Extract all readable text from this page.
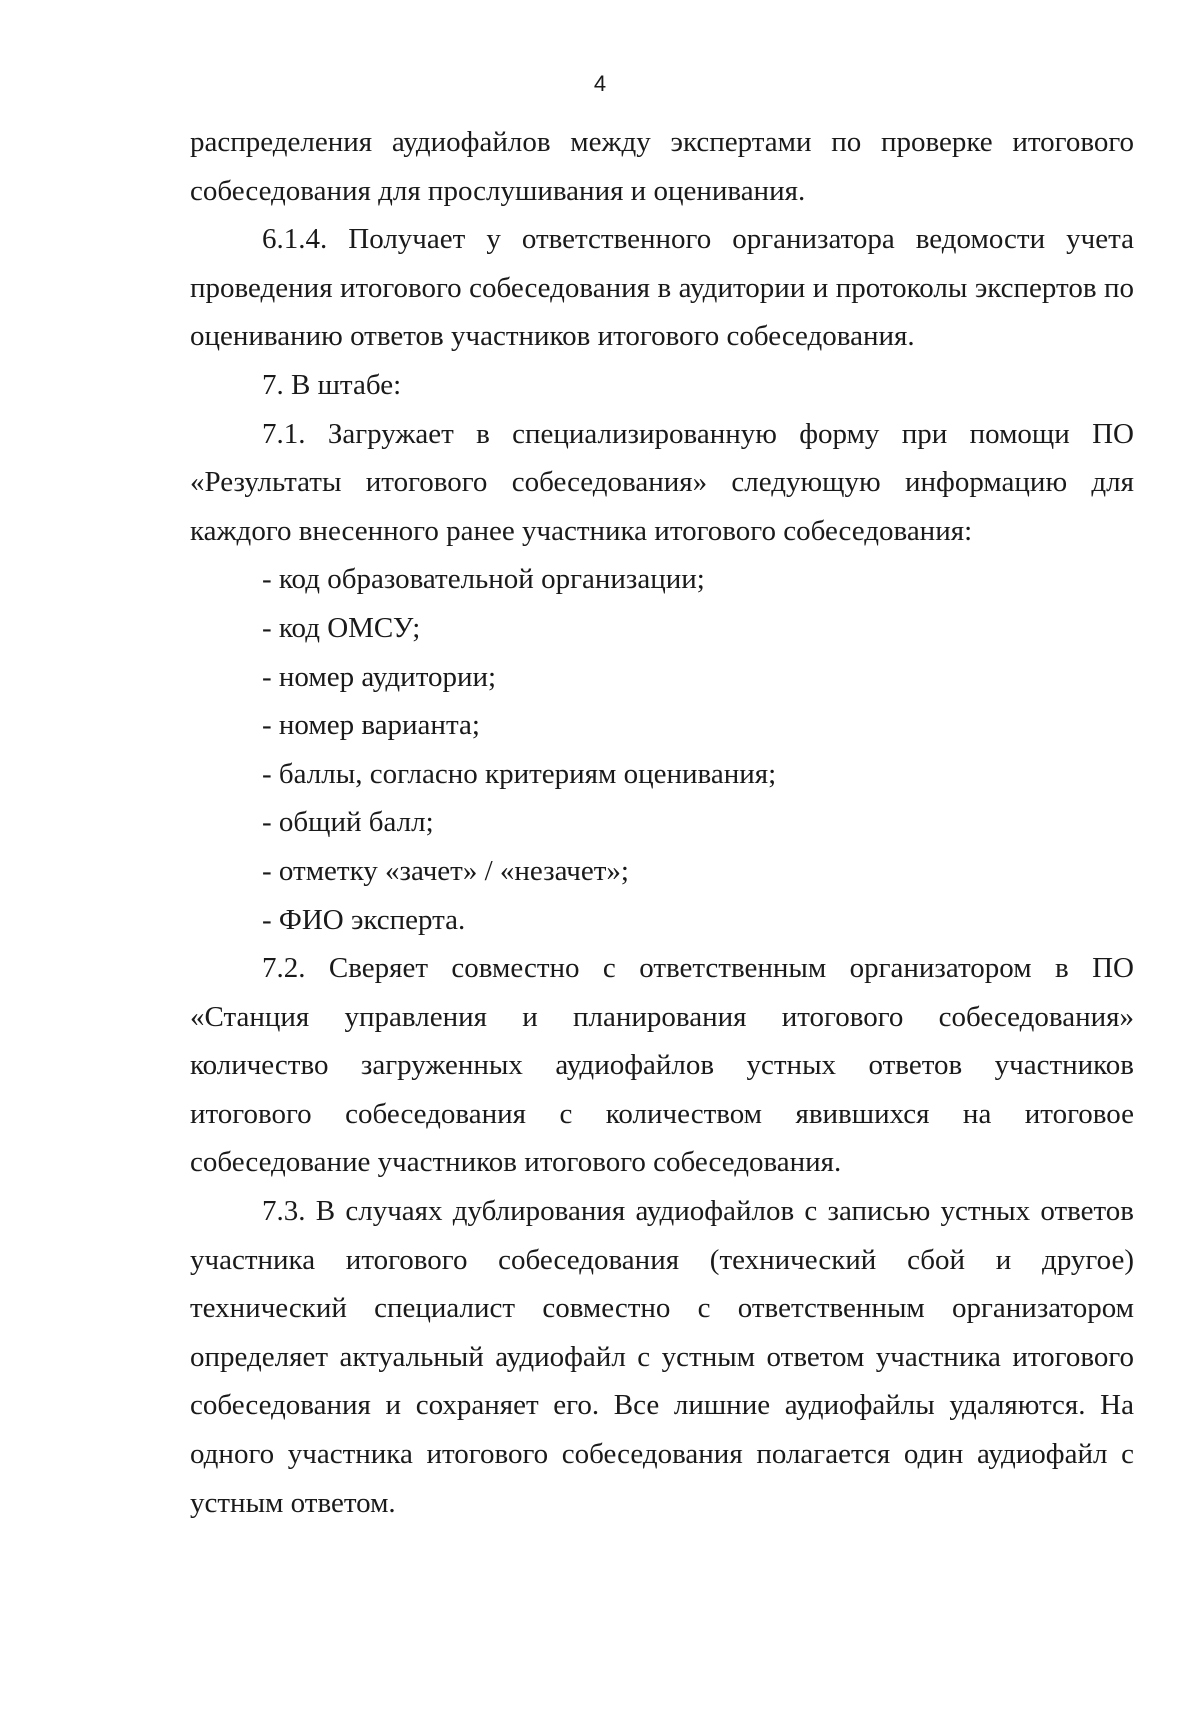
4

распределения аудиофайлов между экспертами по проверке итогового собеседования для прослушивания и оценивания.

6.1.4. Получает у ответственного организатора ведомости учета проведения итогового собеседования в аудитории и протоколы экспертов по оцениванию ответов участников итогового собеседования.

7. В штабе:

7.1. Загружает в специализированную форму при помощи ПО «Результаты итогового собеседования» следующую информацию для каждого внесенного ранее участника итогового собеседования:

- код образовательной организации;

- код ОМСУ;

- номер аудитории;

- номер варианта;

- баллы, согласно критериям оценивания;

- общий балл;

- отметку «зачет» / «незачет»;

- ФИО эксперта.

7.2. Сверяет совместно с ответственным организатором в ПО «Станция управления и планирования итогового собеседования» количество загруженных аудиофайлов устных ответов участников итогового собеседования с количеством явившихся на итоговое собеседование участников итогового собеседования.

7.3. В случаях дублирования аудиофайлов с записью устных ответов участника итогового собеседования (технический сбой и другое) технический специалист совместно с ответственным организатором определяет актуальный аудиофайл с устным ответом участника итогового собеседования и сохраняет его. Все лишние аудиофайлы удаляются. На одного участника итогового собеседования полагается один аудиофайл с устным ответом.
